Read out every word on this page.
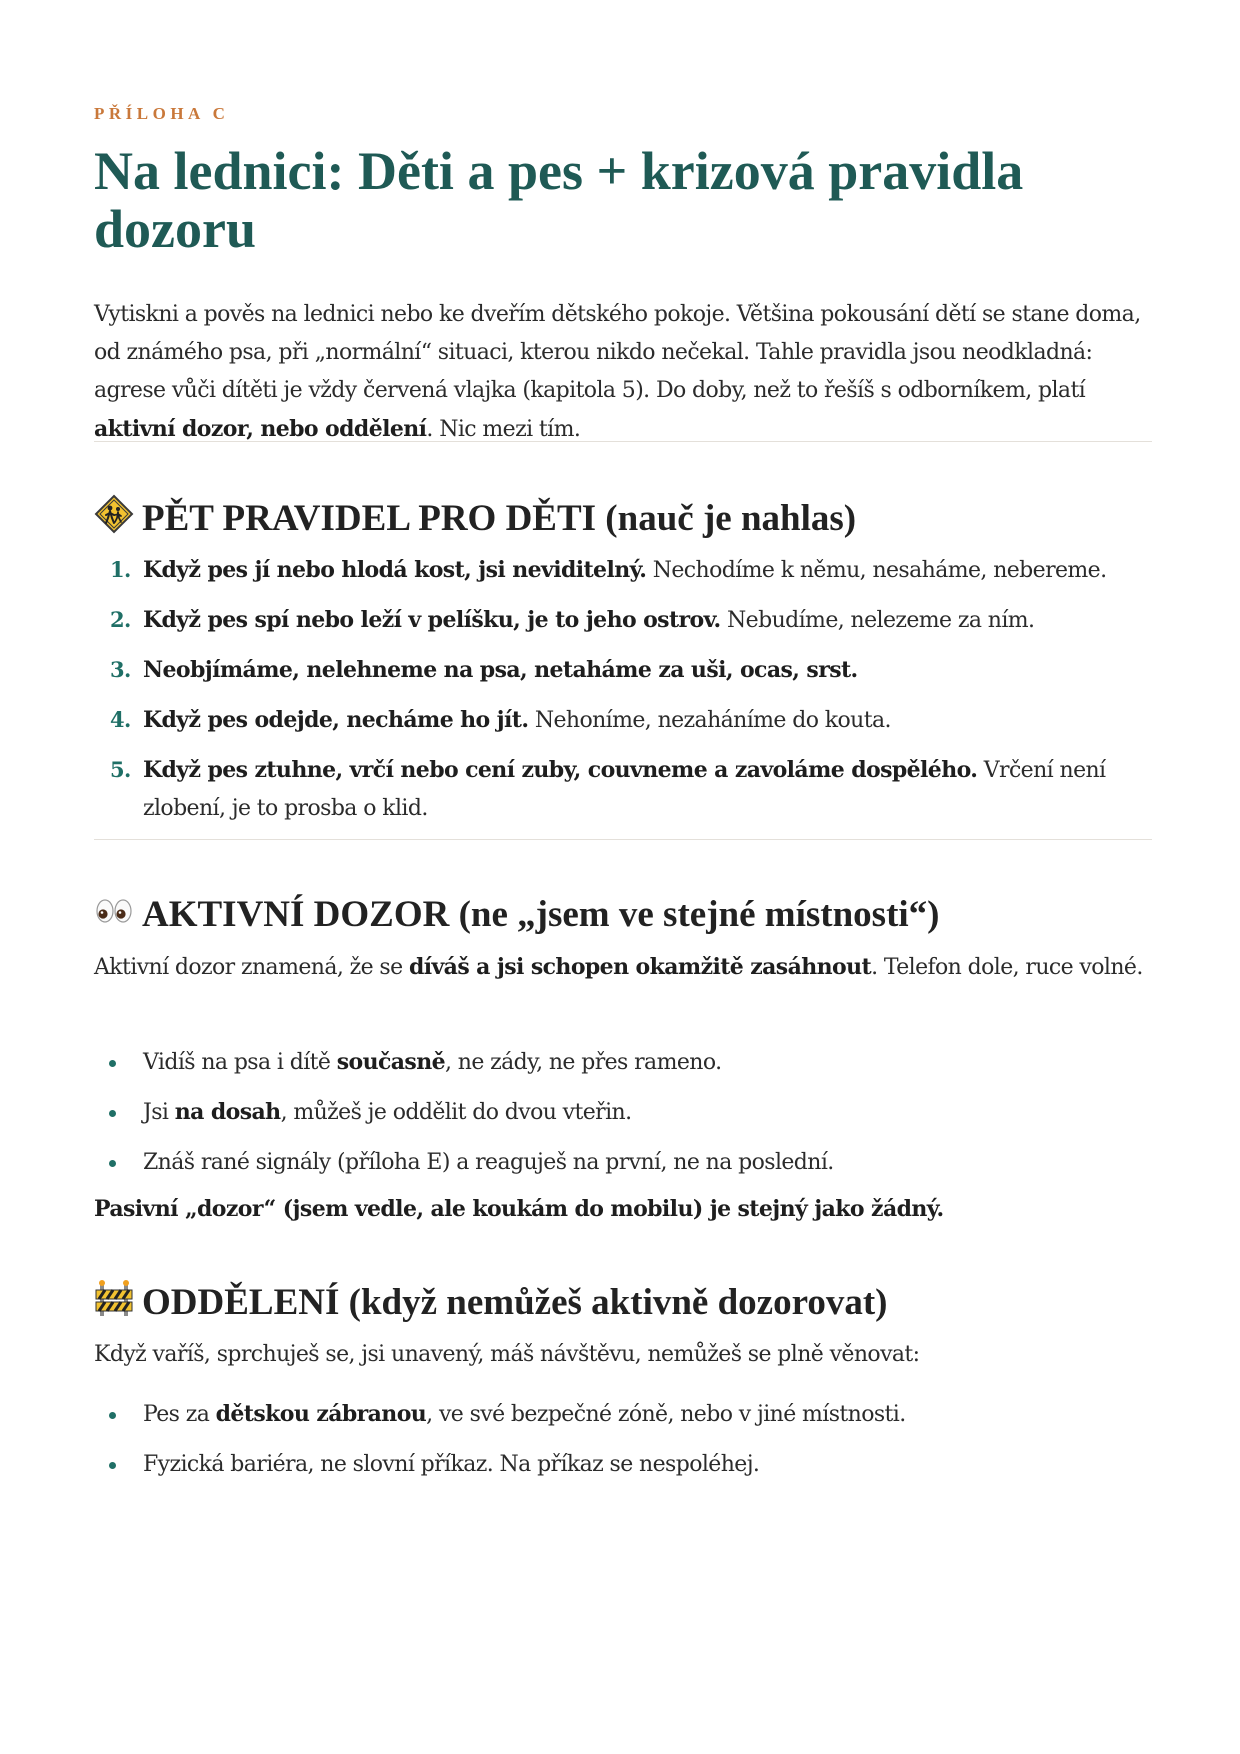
PŘÍLOHA C
Na lednici: Děti a pes + krizová pravidla dozoru

Vytiskni a pověs na lednici nebo ke dveřím dětského pokoje. Většina pokousání dětí se stane doma, od známého psa, při „normální“ situaci, kterou nikdo nečekal. Tahle pravidla jsou neodkladná: agrese vůči dítěti je vždy červená vlajka (kapitola 5). Do doby, než to řešíš s odborníkem, platí aktivní dozor, nebo oddělení. Nic mezi tím.

PĚT PRAVIDEL PRO DĚTI (nauč je nahlas)
1. Když pes jí nebo hlodá kost, jsi neviditelný. Nechodíme k němu, nesaháme, nebereme.
2. Když pes spí nebo leží v pelíšku, je to jeho ostrov. Nebudíme, nelezeme za ním.
3. Neobjímáme, nelehneme na psa, netaháme za uši, ocas, srst.
4. Když pes odejde, necháme ho jít. Nehoníme, nezaháníme do kouta.
5. Když pes ztuhne, vrčí nebo cení zuby, couvneme a zavoláme dospělého. Vrčení není zlobení, je to prosba o klid.
AKTIVNÍ DOZOR (ne „jsem ve stejné místnosti“)

Aktivní dozor znamená, že se díváš a jsi schopen okamžitě zasáhnout. Telefon dole, ruce volné.

Vidíš na psa i dítě současně, ne zády, ne přes rameno.
Jsi na dosah, můžeš je oddělit do dvou vteřin.
Znáš rané signály (příloha E) a reaguješ na první, ne na poslední.

Pasivní „dozor“ (jsem vedle, ale koukám do mobilu) je stejný jako žádný.

ODDĚLENÍ (když nemůžeš aktivně dozorovat)

Když vaříš, sprchuješ se, jsi unavený, máš návštěvu, nemůžeš se plně věnovat:

Pes za dětskou zábranou, ve své bezpečné zóně, nebo v jiné místnosti.
Fyzická bariéra, ne slovní příkaz. Na příkaz se nespoléhej.
